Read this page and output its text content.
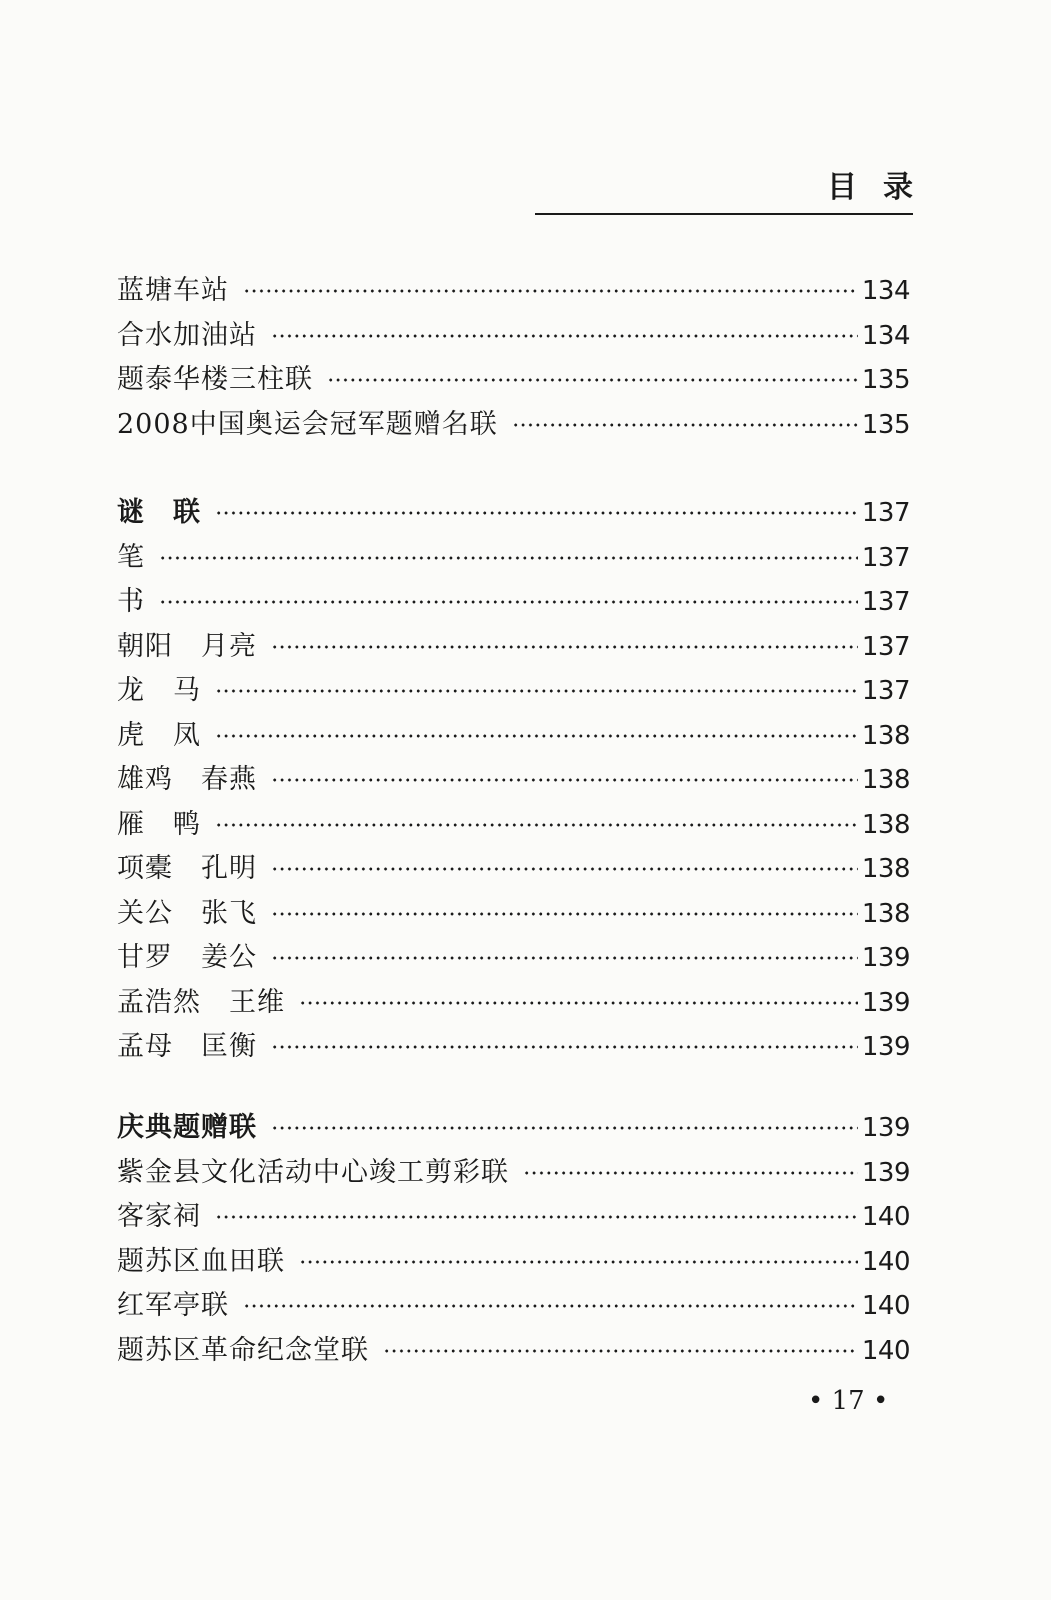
目录
蓝塘车站	134
合水加油站	134
题泰华楼三柱联	135
2008中国奥运会冠军题赠名联	135
谜　联	137
笔	137
书	137
朝阳　月亮	137
龙　马	137
虎　凤	138
雄鸡　春燕	138
雁　鸭	138
项橐　孔明	138
关公　张飞	138
甘罗　姜公	139
孟浩然　王维	139
孟母　匡衡	139
庆典题赠联	139
紫金县文化活动中心竣工剪彩联	139
客家祠	140
题苏区血田联	140
红军亭联	140
题苏区革命纪念堂联	140
• 17 •
